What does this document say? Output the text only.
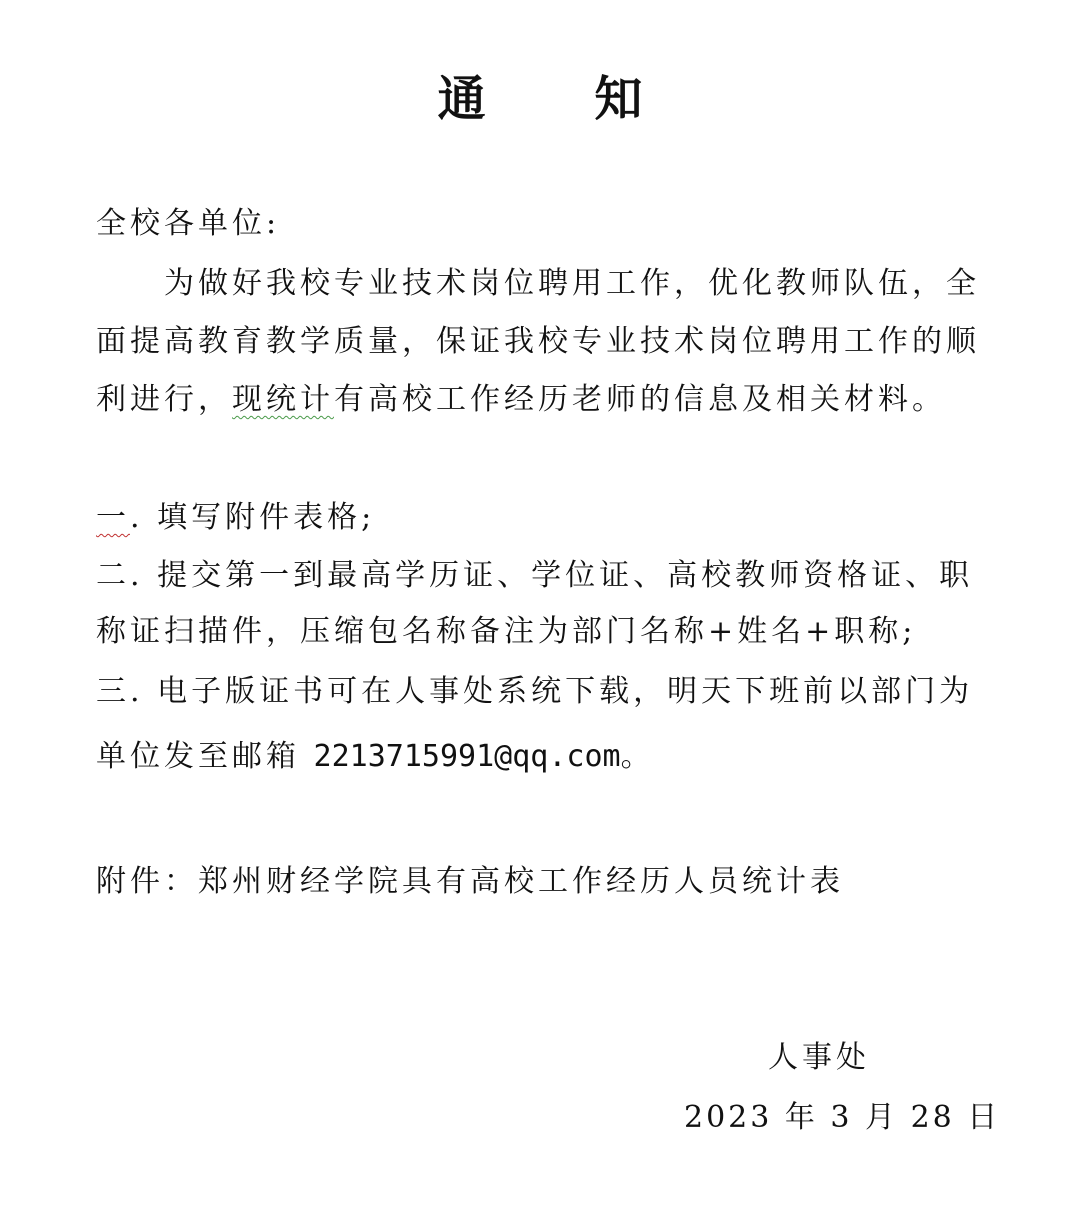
通 知
全校各单位:
为做好我校专业技术岗位聘用工作，优化教师队伍，全
面提高教育教学质量，保证我校专业技术岗位聘用工作的顺
利进行，现统计有高校工作经历老师的信息及相关材料。
一. 填写附件表格;
二. 提交第一到最高学历证、学位证、高校教师资格证、职
称证扫描件，压缩包名称备注为部门名称+姓名+职称;
三. 电子版证书可在人事处系统下载，明天下班前以部门为
单位发至邮箱 2213715991@qq.com。
附件：郑州财经学院具有高校工作经历人员统计表
人事处
2023 年 3 月 28 日
